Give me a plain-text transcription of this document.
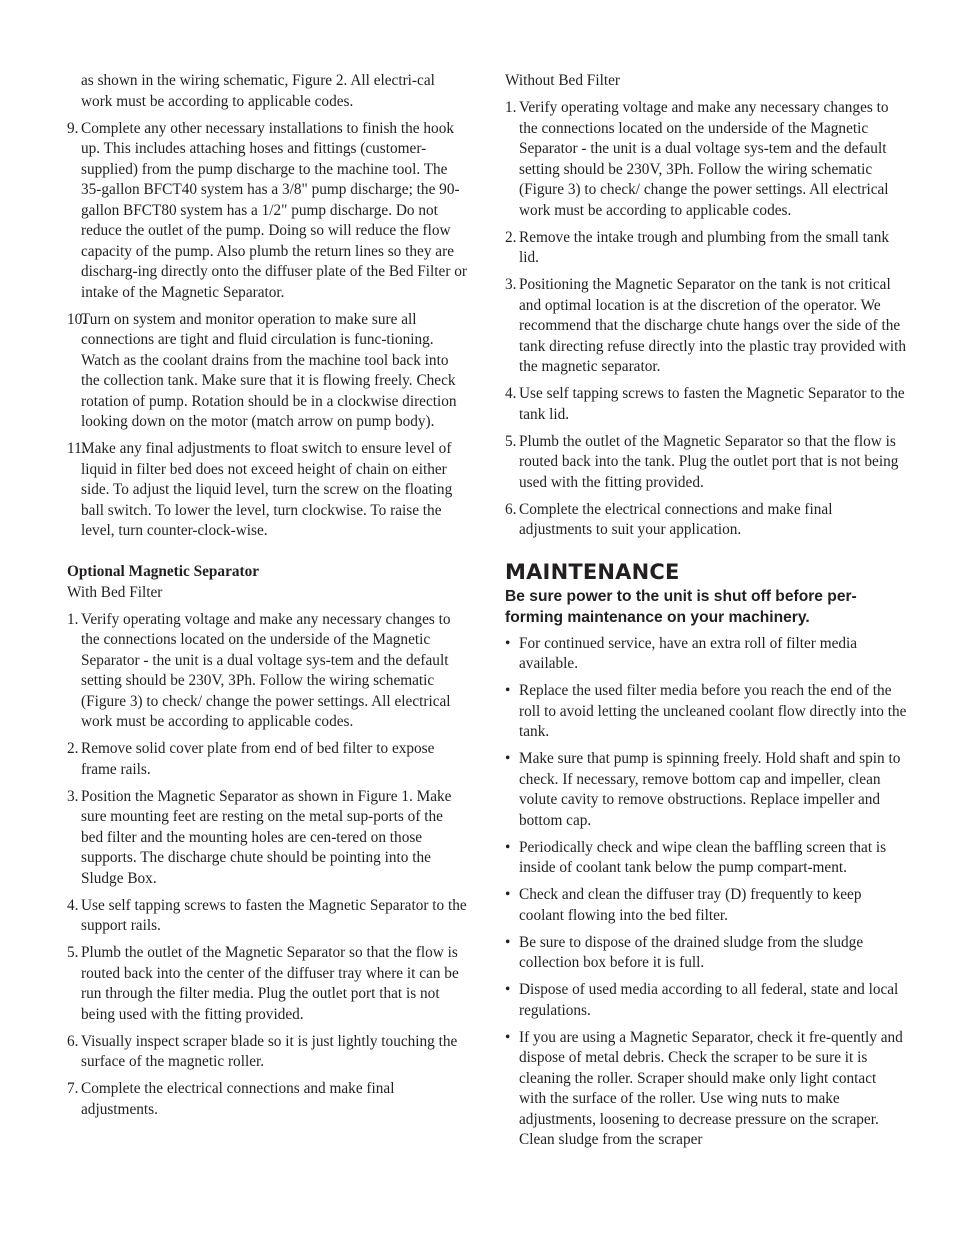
as shown in the wiring schematic, Figure 2. All electri-cal work must be according to applicable codes.

9. Complete any other necessary installations to finish the hook up. This includes attaching hoses and fittings (customer-supplied) from the pump discharge to the machine tool. The 35-gallon BFCT40 system has a 3/8" pump discharge; the 90-gallon BFCT80 system has a 1/2" pump discharge. Do not reduce the outlet of the pump. Doing so will reduce the flow capacity of the pump. Also plumb the return lines so they are discharg-ing directly onto the diffuser plate of the Bed Filter or intake of the Magnetic Separator.
10.
Turn on system and monitor operation to make sure all connections are tight and fluid circulation is func-tioning. Watch as the coolant drains from the machine tool back into the collection tank. Make sure that it is flowing freely. Check rotation of pump. Rotation should be in a clockwise direction looking down on the motor (match arrow on pump body).
11.
Make any final adjustments to float switch to ensure level of liquid in filter bed does not exceed height of chain on either side. To adjust the liquid level, turn the screw on the floating ball switch. To lower the level, turn clockwise. To raise the level, turn counter-clock-wise.

Optional Magnetic Separator

With Bed Filter

1. Verify operating voltage and make any necessary changes to the connections located on the underside of the Magnetic Separator - the unit is a dual voltage sys-tem and the default setting should be 230V, 3Ph. Follow the wiring schematic (Figure 3) to check/ change the power settings. All electrical work must be according to applicable codes.
2. Remove solid cover plate from end of bed filter to expose frame rails.
3. Position the Magnetic Separator as shown in Figure 1. Make sure mounting feet are resting on the metal sup-ports of the bed filter and the mounting holes are cen-tered on those supports. The discharge chute should be pointing into the Sludge Box.
4. Use self tapping screws to fasten the Magnetic Separator to the support rails.
5. Plumb the outlet of the Magnetic Separator so that the flow is routed back into the center of the diffuser tray where it can be run through the filter media. Plug the outlet port that is not being used with the fitting provided.
6. Visually inspect scraper blade so it is just lightly touching the surface of the magnetic roller.
7. Complete the electrical connections and make final adjustments.

Without Bed Filter

1. Verify operating voltage and make any necessary changes to the connections located on the underside of the Magnetic Separator - the unit is a dual voltage sys-tem and the default setting should be 230V, 3Ph. Follow the wiring schematic (Figure 3) to check/ change the power settings. All electrical work must be according to applicable codes.
2. Remove the intake trough and plumbing from the small tank lid.
3. Positioning the Magnetic Separator on the tank is not critical and optimal location is at the discretion of the operator. We recommend that the discharge chute hangs over the side of the tank directing refuse directly into the plastic tray provided with the magnetic separator.
4. Use self tapping screws to fasten the Magnetic Separator to the tank lid.
5. Plumb the outlet of the Magnetic Separator so that the flow is routed back into the tank. Plug the outlet port that is not being used with the fitting provided.
6. Complete the electrical connections and make final adjustments to suit your application.
MAINTENANCE

Be sure power to the unit is shut off before per-forming maintenance on your machinery.

• For continued service, have an extra roll of filter media available.
• Replace the used filter media before you reach the end of the roll to avoid letting the uncleaned coolant flow directly into the tank.
• Make sure that pump is spinning freely. Hold shaft and spin to check. If necessary, remove bottom cap and impeller, clean volute cavity to remove obstructions. Replace impeller and bottom cap.
• Periodically check and wipe clean the baffling screen that is inside of coolant tank below the pump compart-ment.
• Check and clean the diffuser tray (D) frequently to keep coolant flowing into the bed filter.
• Be sure to dispose of the drained sludge from the sludge collection box before it is full.
• Dispose of used media according to all federal, state and local regulations.
• If you are using a Magnetic Separator, check it fre-quently and dispose of metal debris. Check the scraper to be sure it is cleaning the roller. Scraper should make only light contact with the surface of the roller. Use wing nuts to make adjustments, loosening to decrease pressure on the scraper. Clean sludge from the scraper
